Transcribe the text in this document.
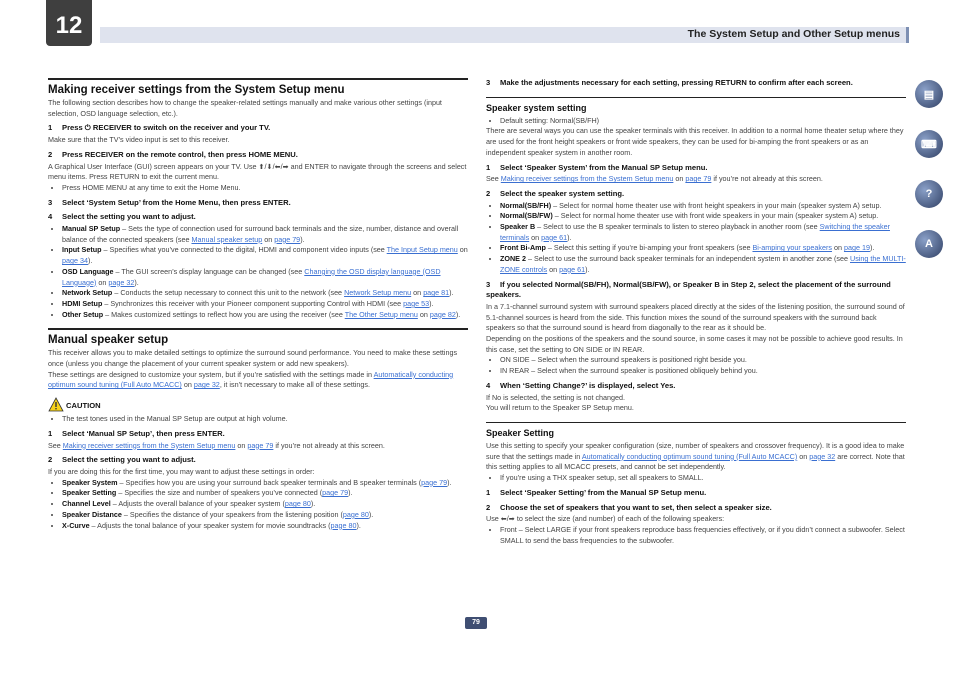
12	The System Setup and Other Setup menus
Making receiver settings from the System Setup menu

The following section describes how to change the speaker-related settings manually and make various other settings (input selection, OSD language selection, etc.).

1 Press ⏻ RECEIVER to switch on the receiver and your TV.

Make sure that the TV’s video input is set to this receiver.

2 Press RECEIVER on the remote control, then press HOME MENU.

A Graphical User Interface (GUI) screen appears on your TV. Use ⬆/⬇/⬅/➡ and ENTER to navigate through the screens and select menu items. Press RETURN to exit the current menu.

• Press HOME MENU at any time to exit the Home Menu.
3 Select ‘System Setup’ from the Home Menu, then press ENTER.
4 Select the setting you want to adjust.
• Manual SP Setup – Sets the type of connection used for surround back terminals and the size, number, distance and overall balance of the connected speakers (see Manual speaker setup on page 79).
• Input Setup – Specifies what you’ve connected to the digital, HDMI and component video inputs (see The Input Setup menu on page 34).
• OSD Language – The GUI screen’s display language can be changed (see Changing the OSD display language (OSD Language) on page 32).
• Network Setup – Conducts the setup necessary to connect this unit to the network (see Network Setup menu on page 81).
• HDMI Setup – Synchronizes this receiver with your Pioneer component supporting Control with HDMI (see page 53).
• Other Setup – Makes customized settings to reflect how you are using the receiver (see The Other Setup menu on page 82).
Manual speaker setup

This receiver allows you to make detailed settings to optimize the surround sound performance. You need to make these settings once (unless you change the placement of your current speaker system or add new speakers).

These settings are designed to customize your system, but if you’re satisfied with the settings made in Automatically conducting optimum sound tuning (Full Auto MCACC) on page 32, it isn’t necessary to make all of these settings.

CAUTION
• The test tones used in the Manual SP Setup are output at high volume.
1 Select ‘Manual SP Setup’, then press ENTER.

See Making receiver settings from the System Setup menu on page 79 if you’re not already at this screen.

2 Select the setting you want to adjust.

If you are doing this for the first time, you may want to adjust these settings in order:

• Speaker System – Specifies how you are using your surround back speaker terminals and B speaker terminals (page 79).
• Speaker Setting – Specifies the size and number of speakers you’ve connected (page 79).
• Channel Level – Adjusts the overall balance of your speaker system (page 80).
• Speaker Distance – Specifies the distance of your speakers from the listening position (page 80).
• X-Curve – Adjusts the tonal balance of your speaker system for movie soundtracks (page 80).
3 Make the adjustments necessary for each setting, pressing RETURN to confirm after each screen.
Speaker system setting
• Default setting: Normal(SB/FH)

There are several ways you can use the speaker terminals with this receiver. In addition to a normal home theater setup where they are used for the front height speakers or front wide speakers, they can be used for bi-amping the front speakers or as an independent speaker system in another room.

1 Select ‘Speaker System’ from the Manual SP Setup menu.

See Making receiver settings from the System Setup menu on page 79 if you’re not already at this screen.

2 Select the speaker system setting.
• Normal(SB/FH) – Select for normal home theater use with front height speakers in your main (speaker system A) setup.
• Normal(SB/FW) – Select for normal home theater use with front wide speakers in your main (speaker system A) setup.
• Speaker B – Select to use the B speaker terminals to listen to stereo playback in another room (see Switching the speaker terminals on page 61).
• Front Bi-Amp – Select this setting if you’re bi-amping your front speakers (see Bi-amping your speakers on page 19).
• ZONE 2 – Select to use the surround back speaker terminals for an independent system in another zone (see Using the MULTI-ZONE controls on page 61).
3 If you selected Normal(SB/FH), Normal(SB/FW), or Speaker B in Step 2, select the placement of the surround speakers.

In a 7.1-channel surround system with surround speakers placed directly at the sides of the listening position, the surround sound of 5.1-channel sources is heard from the side. This function mixes the sound of the surround speakers with the surround back speakers so that the surround sound is heard from diagonally to the rear as it should be.

Depending on the positions of the speakers and the sound source, in some cases it may not be possible to achieve good results. In this case, set the setting to ON SIDE or IN REAR.

• ON SIDE – Select when the surround speakers is positioned right beside you.
• IN REAR – Select when the surround speaker is positioned obliquely behind you.
4 When ‘Setting Change?’ is displayed, select Yes.

If No is selected, the setting is not changed.

You will return to the Speaker SP Setup menu.

Speaker Setting

Use this setting to specify your speaker configuration (size, number of speakers and crossover frequency). It is a good idea to make sure that the settings made in Automatically conducting optimum sound tuning (Full Auto MCACC) on page 32 are correct. Note that this setting applies to all MCACC presets, and cannot be set independently.

• If you’re using a THX speaker setup, set all speakers to SMALL.
1 Select ‘Speaker Setting’ from the Manual SP Setup menu.
2 Choose the set of speakers that you want to set, then select a speaker size.

Use ⬅/➡ to select the size (and number) of each of the following speakers:

• Front – Select LARGE if your front speakers reproduce bass frequencies effectively, or if you didn’t connect a subwoofer. Select SMALL to send the bass frequencies to the subwoofer.
▤
⌨
?
A
79
